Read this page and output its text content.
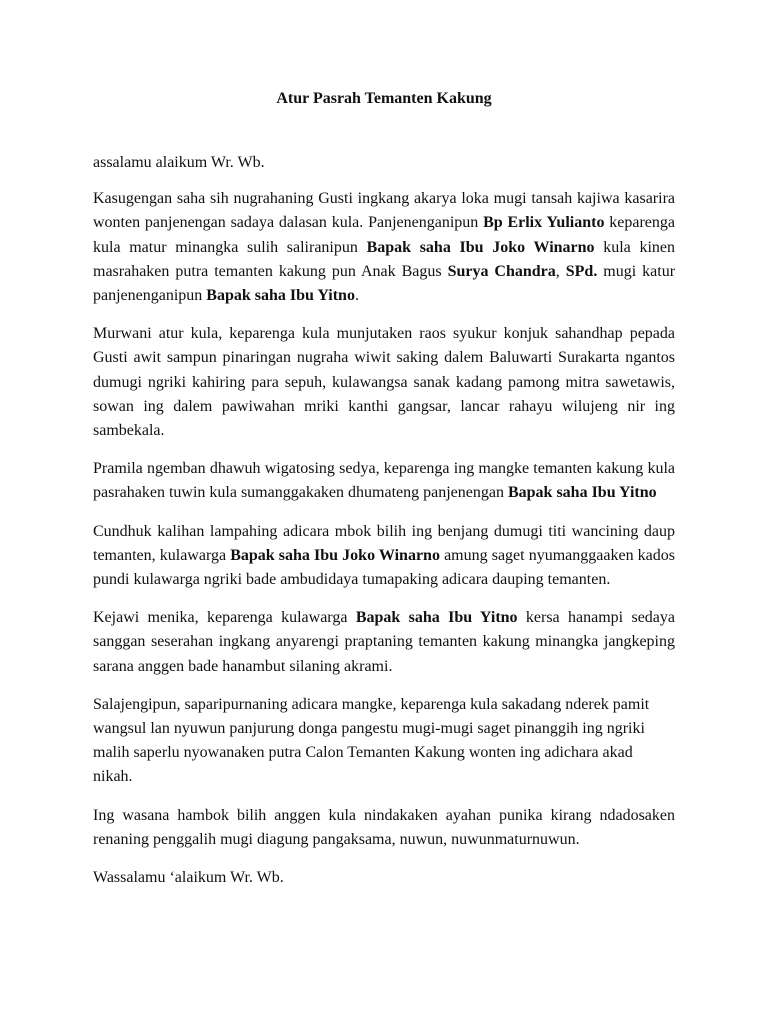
Atur Pasrah Temanten Kakung

assalamu alaikum Wr. Wb.

Kasugengan saha sih nugrahaning Gusti ingkang akarya loka mugi tansah kajiwa kasarira wonten panjenengan sadaya dalasan kula. Panjenenganipun Bp Erlix Yulianto keparenga kula matur minangka sulih saliranipun Bapak saha Ibu Joko Winarno kula kinen masrahaken putra temanten kakung pun Anak Bagus Surya Chandra, SPd. mugi katur panjenenganipun Bapak saha Ibu Yitno.

Murwani atur kula, keparenga kula munjutaken raos syukur konjuk sahandhap pepada Gusti awit sampun pinaringan nugraha wiwit saking dalem Baluwarti Surakarta ngantos dumugi ngriki kahiring para sepuh, kulawangsa sanak kadang pamong mitra sawetawis, sowan ing dalem pawiwahan mriki kanthi gangsar, lancar rahayu wilujeng nir ing sambekala.

Pramila ngemban dhawuh wigatosing sedya, keparenga ing mangke temanten kakung kula pasrahaken tuwin kula sumanggakaken dhumateng panjenengan Bapak saha Ibu Yitno

Cundhuk kalihan lampahing adicara mbok bilih ing benjang dumugi titi wancining daup temanten, kulawarga Bapak saha Ibu Joko Winarno amung saget nyumanggaaken kados pundi kulawarga ngriki bade ambudidaya tumapaking adicara dauping temanten.

Kejawi menika, keparenga kulawarga Bapak saha Ibu Yitno kersa hanampi sedaya sanggan seserahan ingkang anyarengi praptaning temanten kakung minangka jangkeping sarana anggen bade hanambut silaning akrami.

Salajengipun, saparipurnaning adicara mangke, keparenga kula sakadang nderek pamit wangsul lan nyuwun panjurung donga pangestu mugi-mugi saget pinanggih ing ngriki malih saperlu nyowanaken putra Calon Temanten Kakung wonten ing adichara akad nikah.

Ing wasana hambok bilih anggen kula nindakaken ayahan punika kirang ndadosaken renaning penggalih mugi diagung pangaksama, nuwun, nuwunmaturnuwun.

Wassalamu ‘alaikum Wr. Wb.
